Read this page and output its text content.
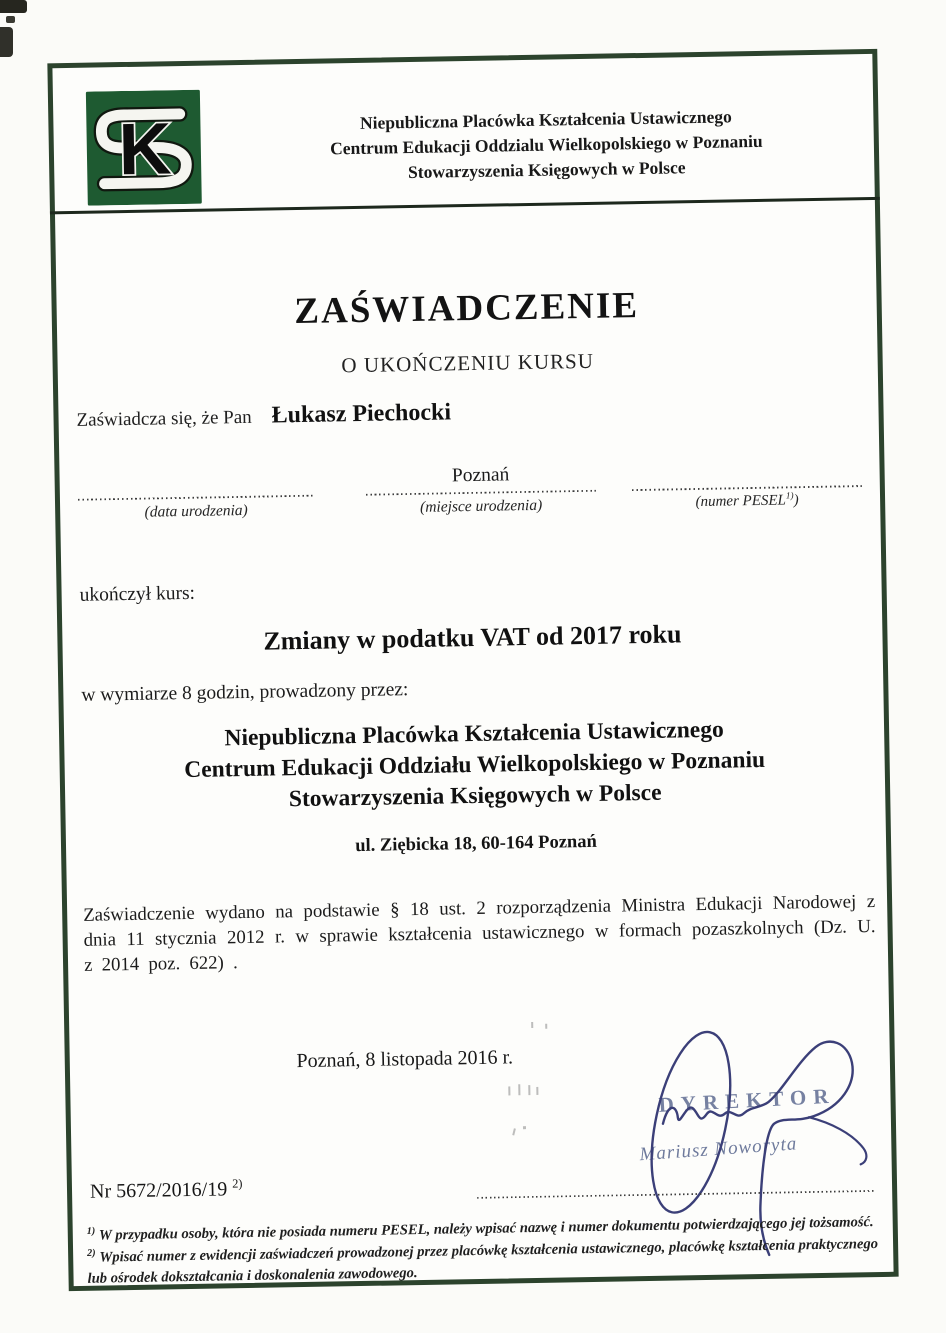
K	Niepubliczna Placówka Kształcenia Ustawicznego
Centrum Edukacji Oddzialu Wielkopolskiego w Poznaniu
Stowarzyszenia Księgowych w Polsce
ZAŚWIADCZENIE
O UKOŃCZENIU KURSU
Zaświadcza się, że Pan Łukasz Piechocki
(data urodzenia)
Poznań
(miejsce urodzenia)	(numer PESEL$^{1)}$)
ukończył kurs:
Zmiany w podatku VAT od 2017 roku
w wymiarze 8 godzin, prowadzony przez:
Niepubliczna Placówka Kształcenia Ustawicznego
Centrum Edukacji Oddziału Wielkopolskiego w Poznaniu
Stowarzyszenia Księgowych w Polsce
ul. Ziębicka 18, 60-164 Poznań
Zaświadczenie wydano na podstawie § 18 ust. 2 rozporządzenia Ministra Edukacji Narodowej z dnia 11 stycznia 2012 r. w sprawie kształcenia ustawicznego w formach pozaszkolnych (Dz. U. z 2014 poz. 622) .
Poznań, 8 listopada 2016 r.
DYREKTOR
Mariusz Noworyta
Nr 5672/2016/19 $^{2)}$

$^{1)}$ W przypadku osoby, która nie posiada numeru PESEL, należy wpisać nazwę i numer dokumentu potwierdzającego jej tożsamość.

$^{2)}$ Wpisać numer z ewidencji zaświadczeń prowadzonej przez placówkę kształcenia ustawicznego, placówkę kształcenia praktycznego lub ośrodek dokształcania i doskonalenia zawodowego.
